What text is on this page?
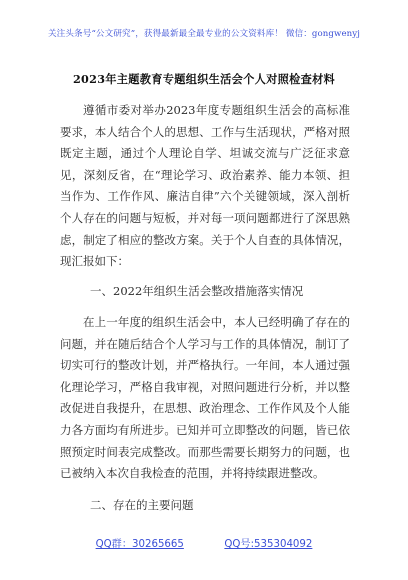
关注头条号“公文研究”，获得最新最全最专业的公文资料库！ 微信：gongwenyj
2023年主题教育专题组织生活会个人对照检查材料

遵循市委对举办2023年度专题组织生活会的高标准要求，本人结合个人的思想、工作与生活现状，严格对照既定主题，通过个人理论自学、坦诚交流与广泛征求意见，深刻反省，在“理论学习、政治素养、能力本领、担当作为、工作作风、廉洁自律”六个关键领域，深入剖析个人存在的问题与短板，并对每一项问题都进行了深思熟虑，制定了相应的整改方案。关于个人自查的具体情况，现汇报如下：

一、2022年组织生活会整改措施落实情况

在上一年度的组织生活会中，本人已经明确了存在的问题，并在随后结合个人学习与工作的具体情况，制订了切实可行的整改计划，并严格执行。一年间，本人通过强化理论学习，严格自我审视，对照问题进行分析，并以整改促进自我提升，在思想、政治理念、工作作风及个人能力各方面均有所进步。已知并可立即整改的问题，皆已依照预定时间表完成整改。而那些需要长期努力的问题，也已被纳入本次自我检查的范围，并将持续跟进整改。

二、存在的主要问题
QQ群：30265665	QQ号:535304092
